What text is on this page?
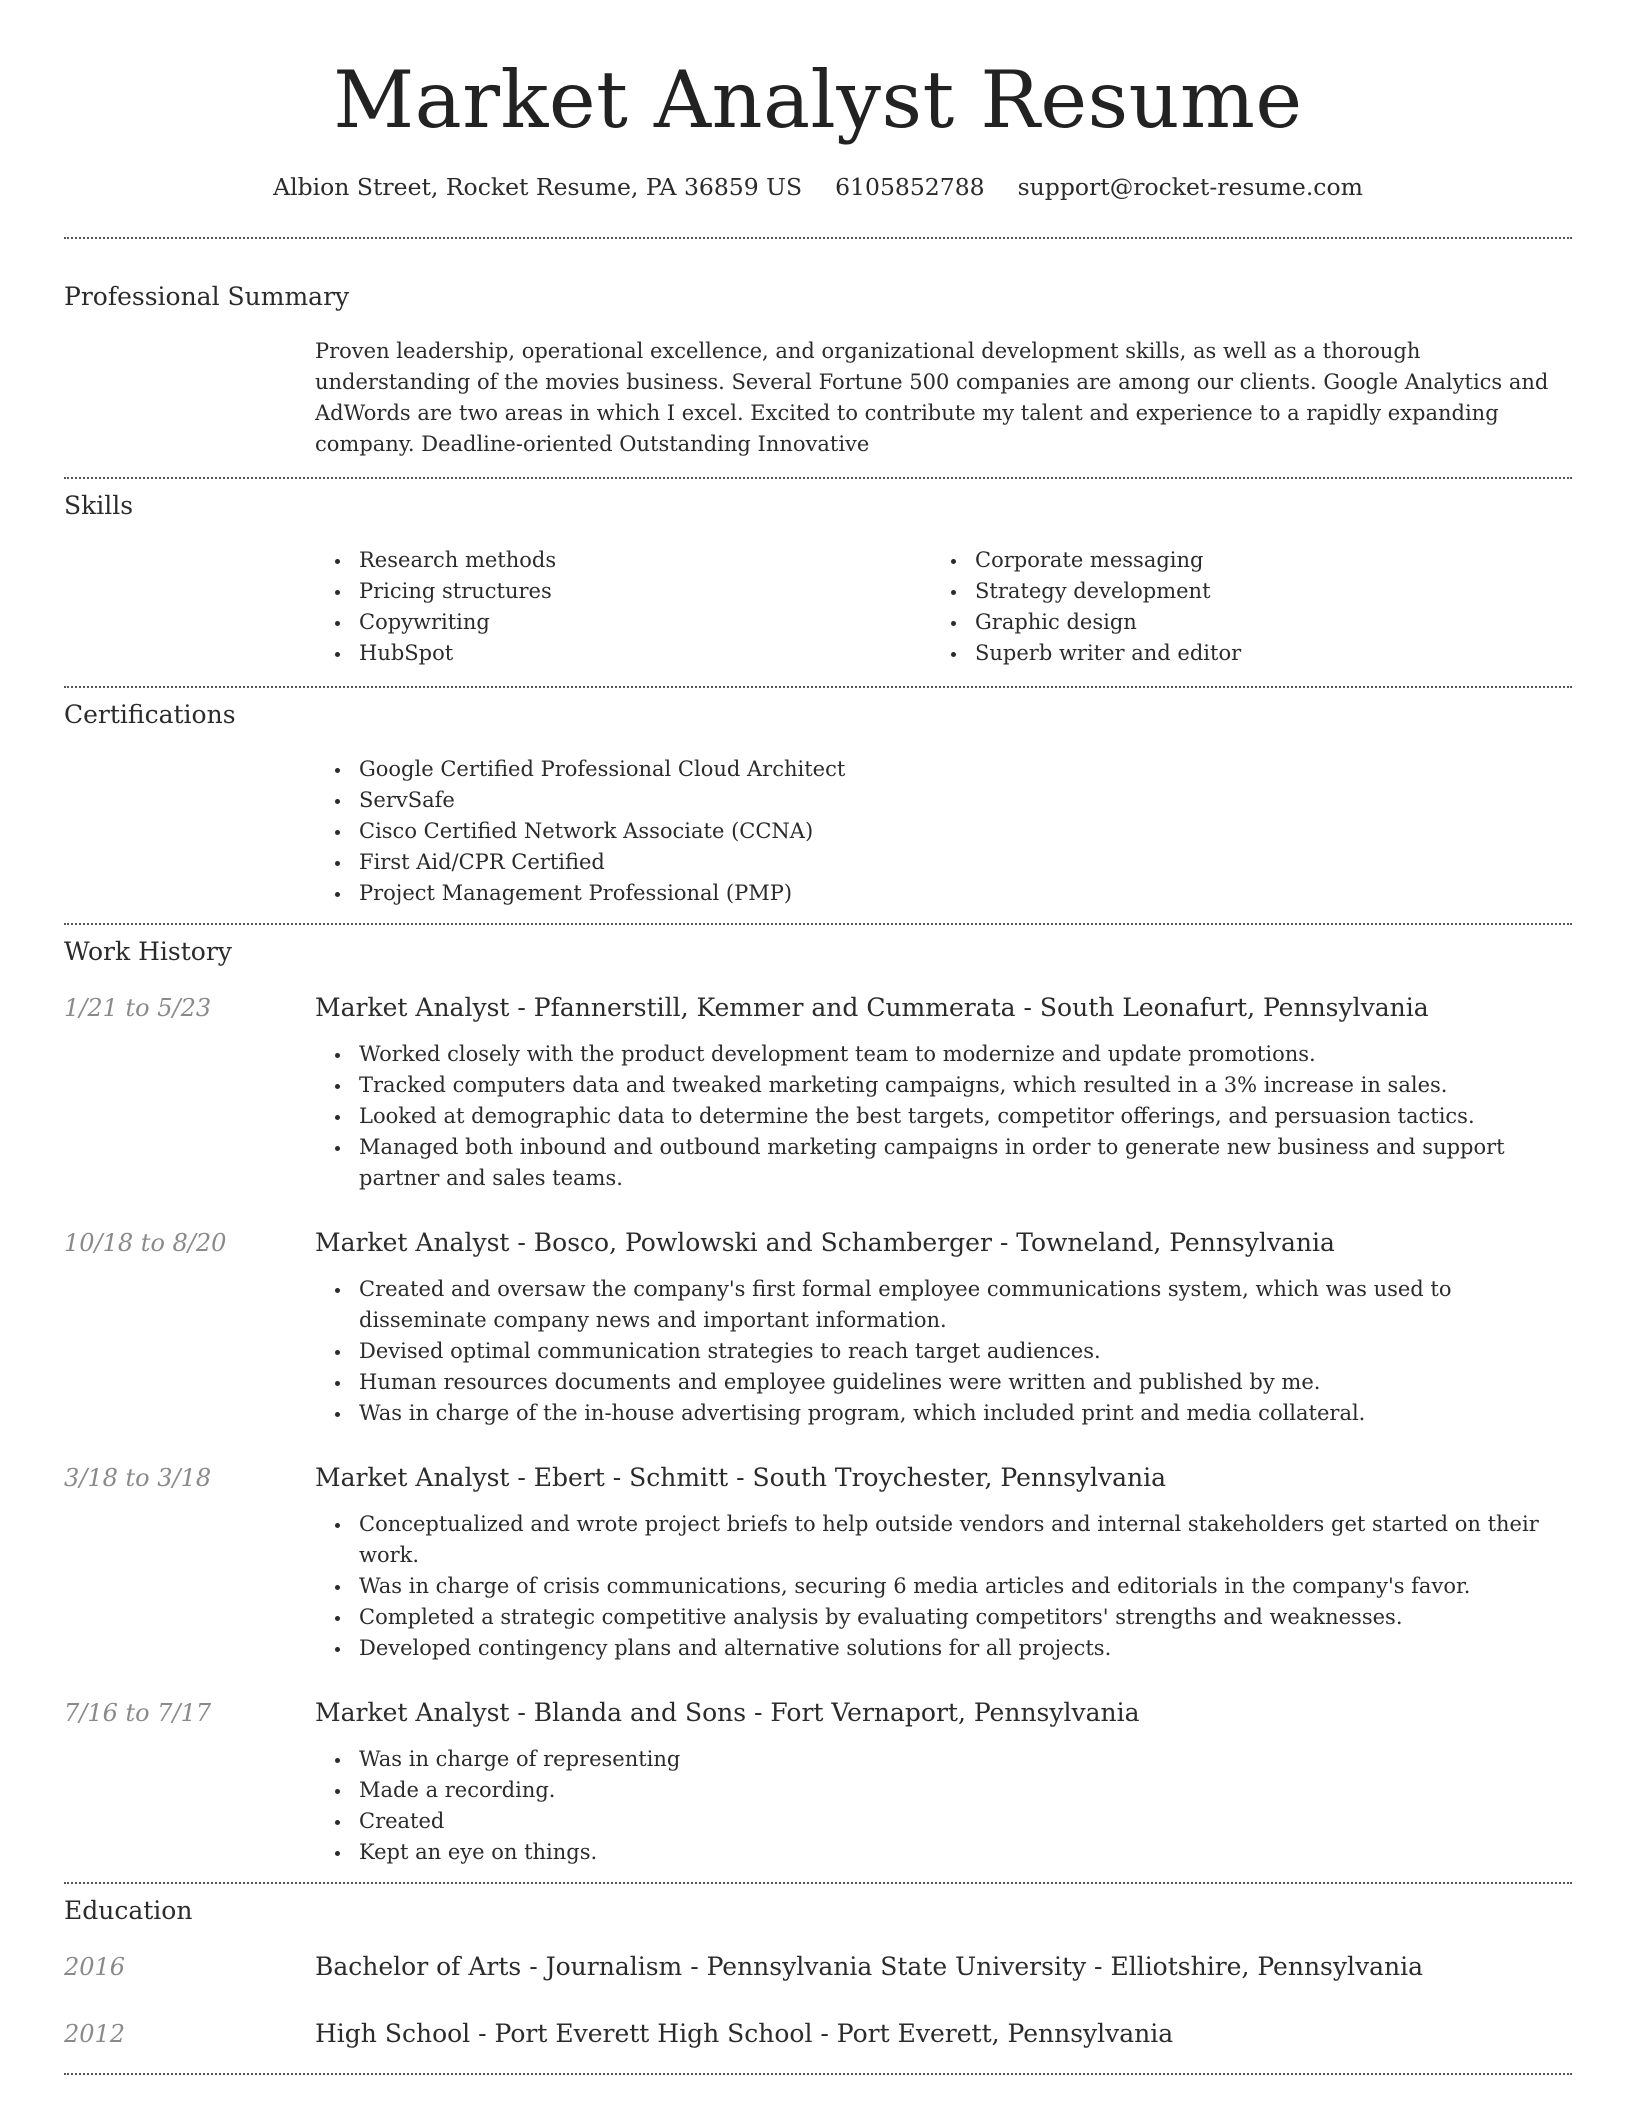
Market Analyst Resume
Albion Street, Rocket Resume, PA 36859 US 6105852788 support@rocket-resume.com
Professional Summary

Proven leadership, operational excellence, and organizational development skills, as well as a thorough understanding of the movies business. Several Fortune 500 companies are among our clients. Google Analytics and AdWords are two areas in which I excel. Excited to contribute my talent and experience to a rapidly expanding company. Deadline-oriented Outstanding Innovative

Skills
Research methods
Pricing structures
Copywriting
HubSpot
Corporate messaging
Strategy development
Graphic design
Superb writer and editor
Certifications
Google Certified Professional Cloud Architect
ServSafe
Cisco Certified Network Associate (CCNA)
First Aid/CPR Certified
Project Management Professional (PMP)
Work History
1/21 to 5/23	Market Analyst - Pfannerstill, Kemmer and Cummerata - South Leonafurt, Pennsylvania
Worked closely with the product development team to modernize and update promotions.
Tracked computers data and tweaked marketing campaigns, which resulted in a 3% increase in sales.
Looked at demographic data to determine the best targets, competitor offerings, and persuasion tactics.
Managed both inbound and outbound marketing campaigns in order to generate new business and support partner and sales teams.
10/18 to 8/20	Market Analyst - Bosco, Powlowski and Schamberger - Towneland, Pennsylvania
Created and oversaw the company's first formal employee communications system, which was used to disseminate company news and important information.
Devised optimal communication strategies to reach target audiences.
Human resources documents and employee guidelines were written and published by me.
Was in charge of the in-house advertising program, which included print and media collateral.
3/18 to 3/18	Market Analyst - Ebert - Schmitt - South Troychester, Pennsylvania
Conceptualized and wrote project briefs to help outside vendors and internal stakeholders get started on their work.
Was in charge of crisis communications, securing 6 media articles and editorials in the company's favor.
Completed a strategic competitive analysis by evaluating competitors' strengths and weaknesses.
Developed contingency plans and alternative solutions for all projects.
7/16 to 7/17	Market Analyst - Blanda and Sons - Fort Vernaport, Pennsylvania
Was in charge of representing
Made a recording.
Created
Kept an eye on things.
Education
2016	Bachelor of Arts - Journalism - Pennsylvania State University - Elliotshire, Pennsylvania
2012	High School - Port Everett High School - Port Everett, Pennsylvania
